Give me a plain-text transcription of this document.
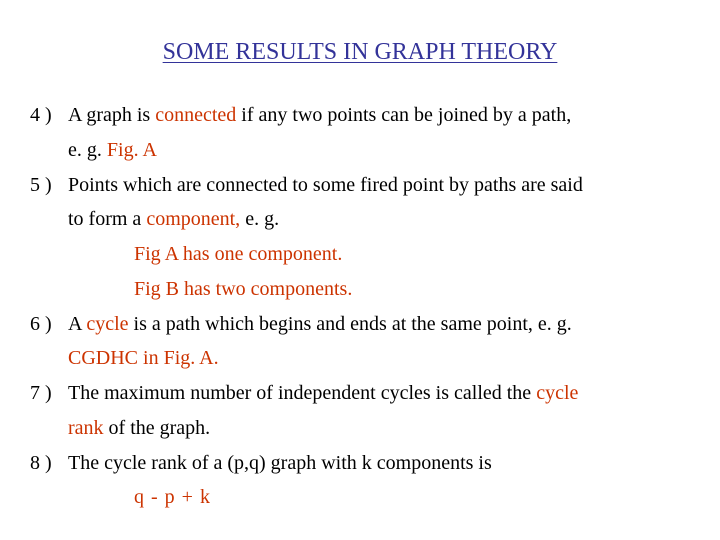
SOME RESULTS IN GRAPH THEORY
4 ) A graph is connected if any two points can be joined by a path,
e. g. Fig. A
5 ) Points which are connected to some fired point by paths are said
to form a component, e. g.
Fig A has one component.
Fig B has two components.
6 ) A cycle is a path which begins and ends at the same point, e. g.
CGDHC in Fig. A.
7 ) The maximum number of independent cycles is called the cycle
rank of the graph.
8 ) The cycle rank of a (p,q) graph with k components is
q - p + k
